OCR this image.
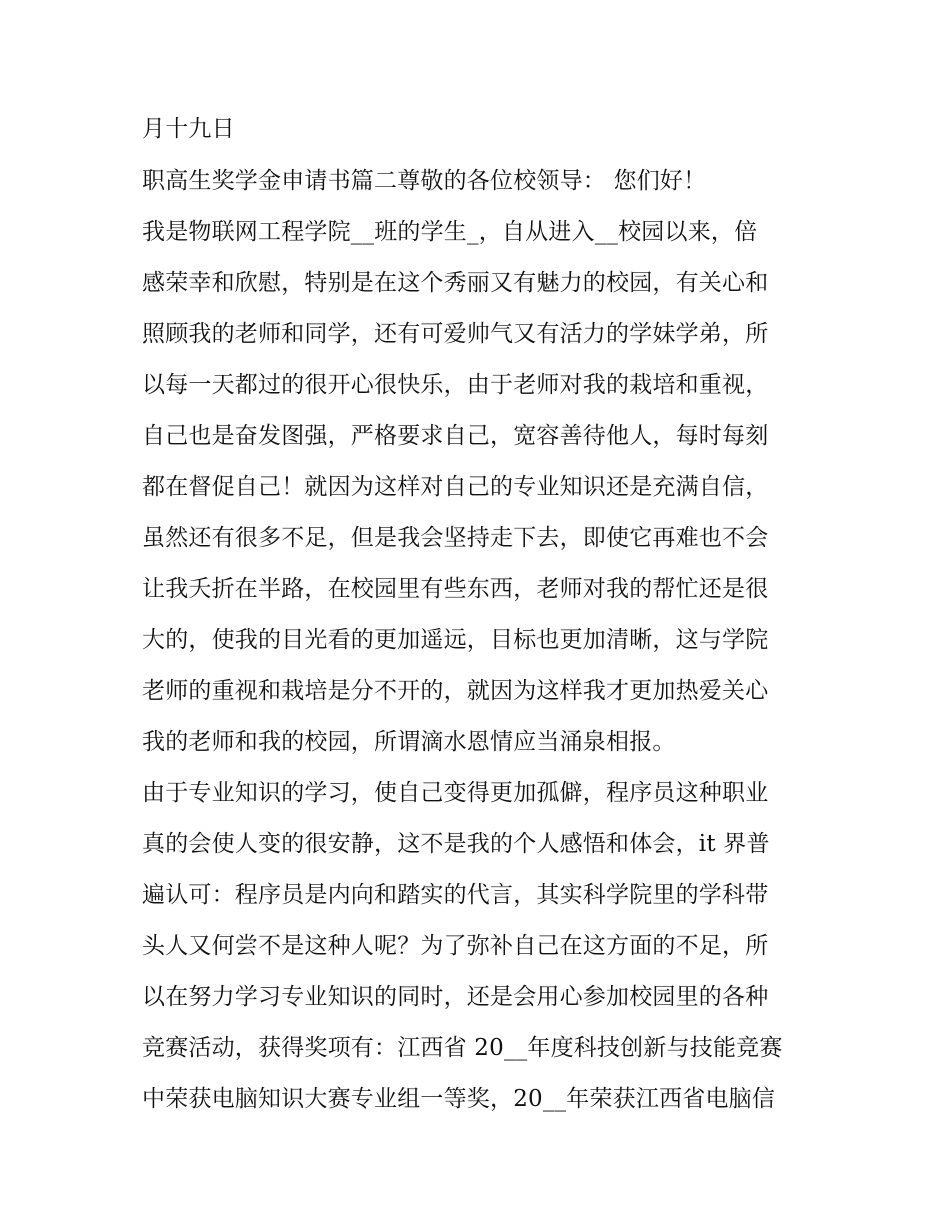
月十九日
职高生奖学金申请书篇二尊敬的各位校领导： 您们好！
我是物联网工程学院__班的学生_，自从进入__校园以来，倍
感荣幸和欣慰，特别是在这个秀丽又有魅力的校园，有关心和
照顾我的老师和同学，还有可爱帅气又有活力的学妹学弟，所
以每一天都过的很开心很快乐，由于老师对我的栽培和重视，
自己也是奋发图强，严格要求自己，宽容善待他人，每时每刻
都在督促自己！就因为这样对自己的专业知识还是充满自信，
虽然还有很多不足，但是我会坚持走下去，即使它再难也不会
让我夭折在半路，在校园里有些东西，老师对我的帮忙还是很
大的，使我的目光看的更加遥远，目标也更加清晰，这与学院
老师的重视和栽培是分不开的，就因为这样我才更加热爱关心
我的老师和我的校园，所谓滴水恩情应当涌泉相报。
由于专业知识的学习，使自己变得更加孤僻，程序员这种职业
真的会使人变的很安静，这不是我的个人感悟和体会，it 界普
遍认可：程序员是内向和踏实的代言，其实科学院里的学科带
头人又何尝不是这种人呢？为了弥补自己在这方面的不足，所
以在努力学习专业知识的同时，还是会用心参加校园里的各种
竞赛活动，获得奖项有：江西省 20__年度科技创新与技能竞赛
中荣获电脑知识大赛专业组一等奖，20__年荣获江西省电脑信
